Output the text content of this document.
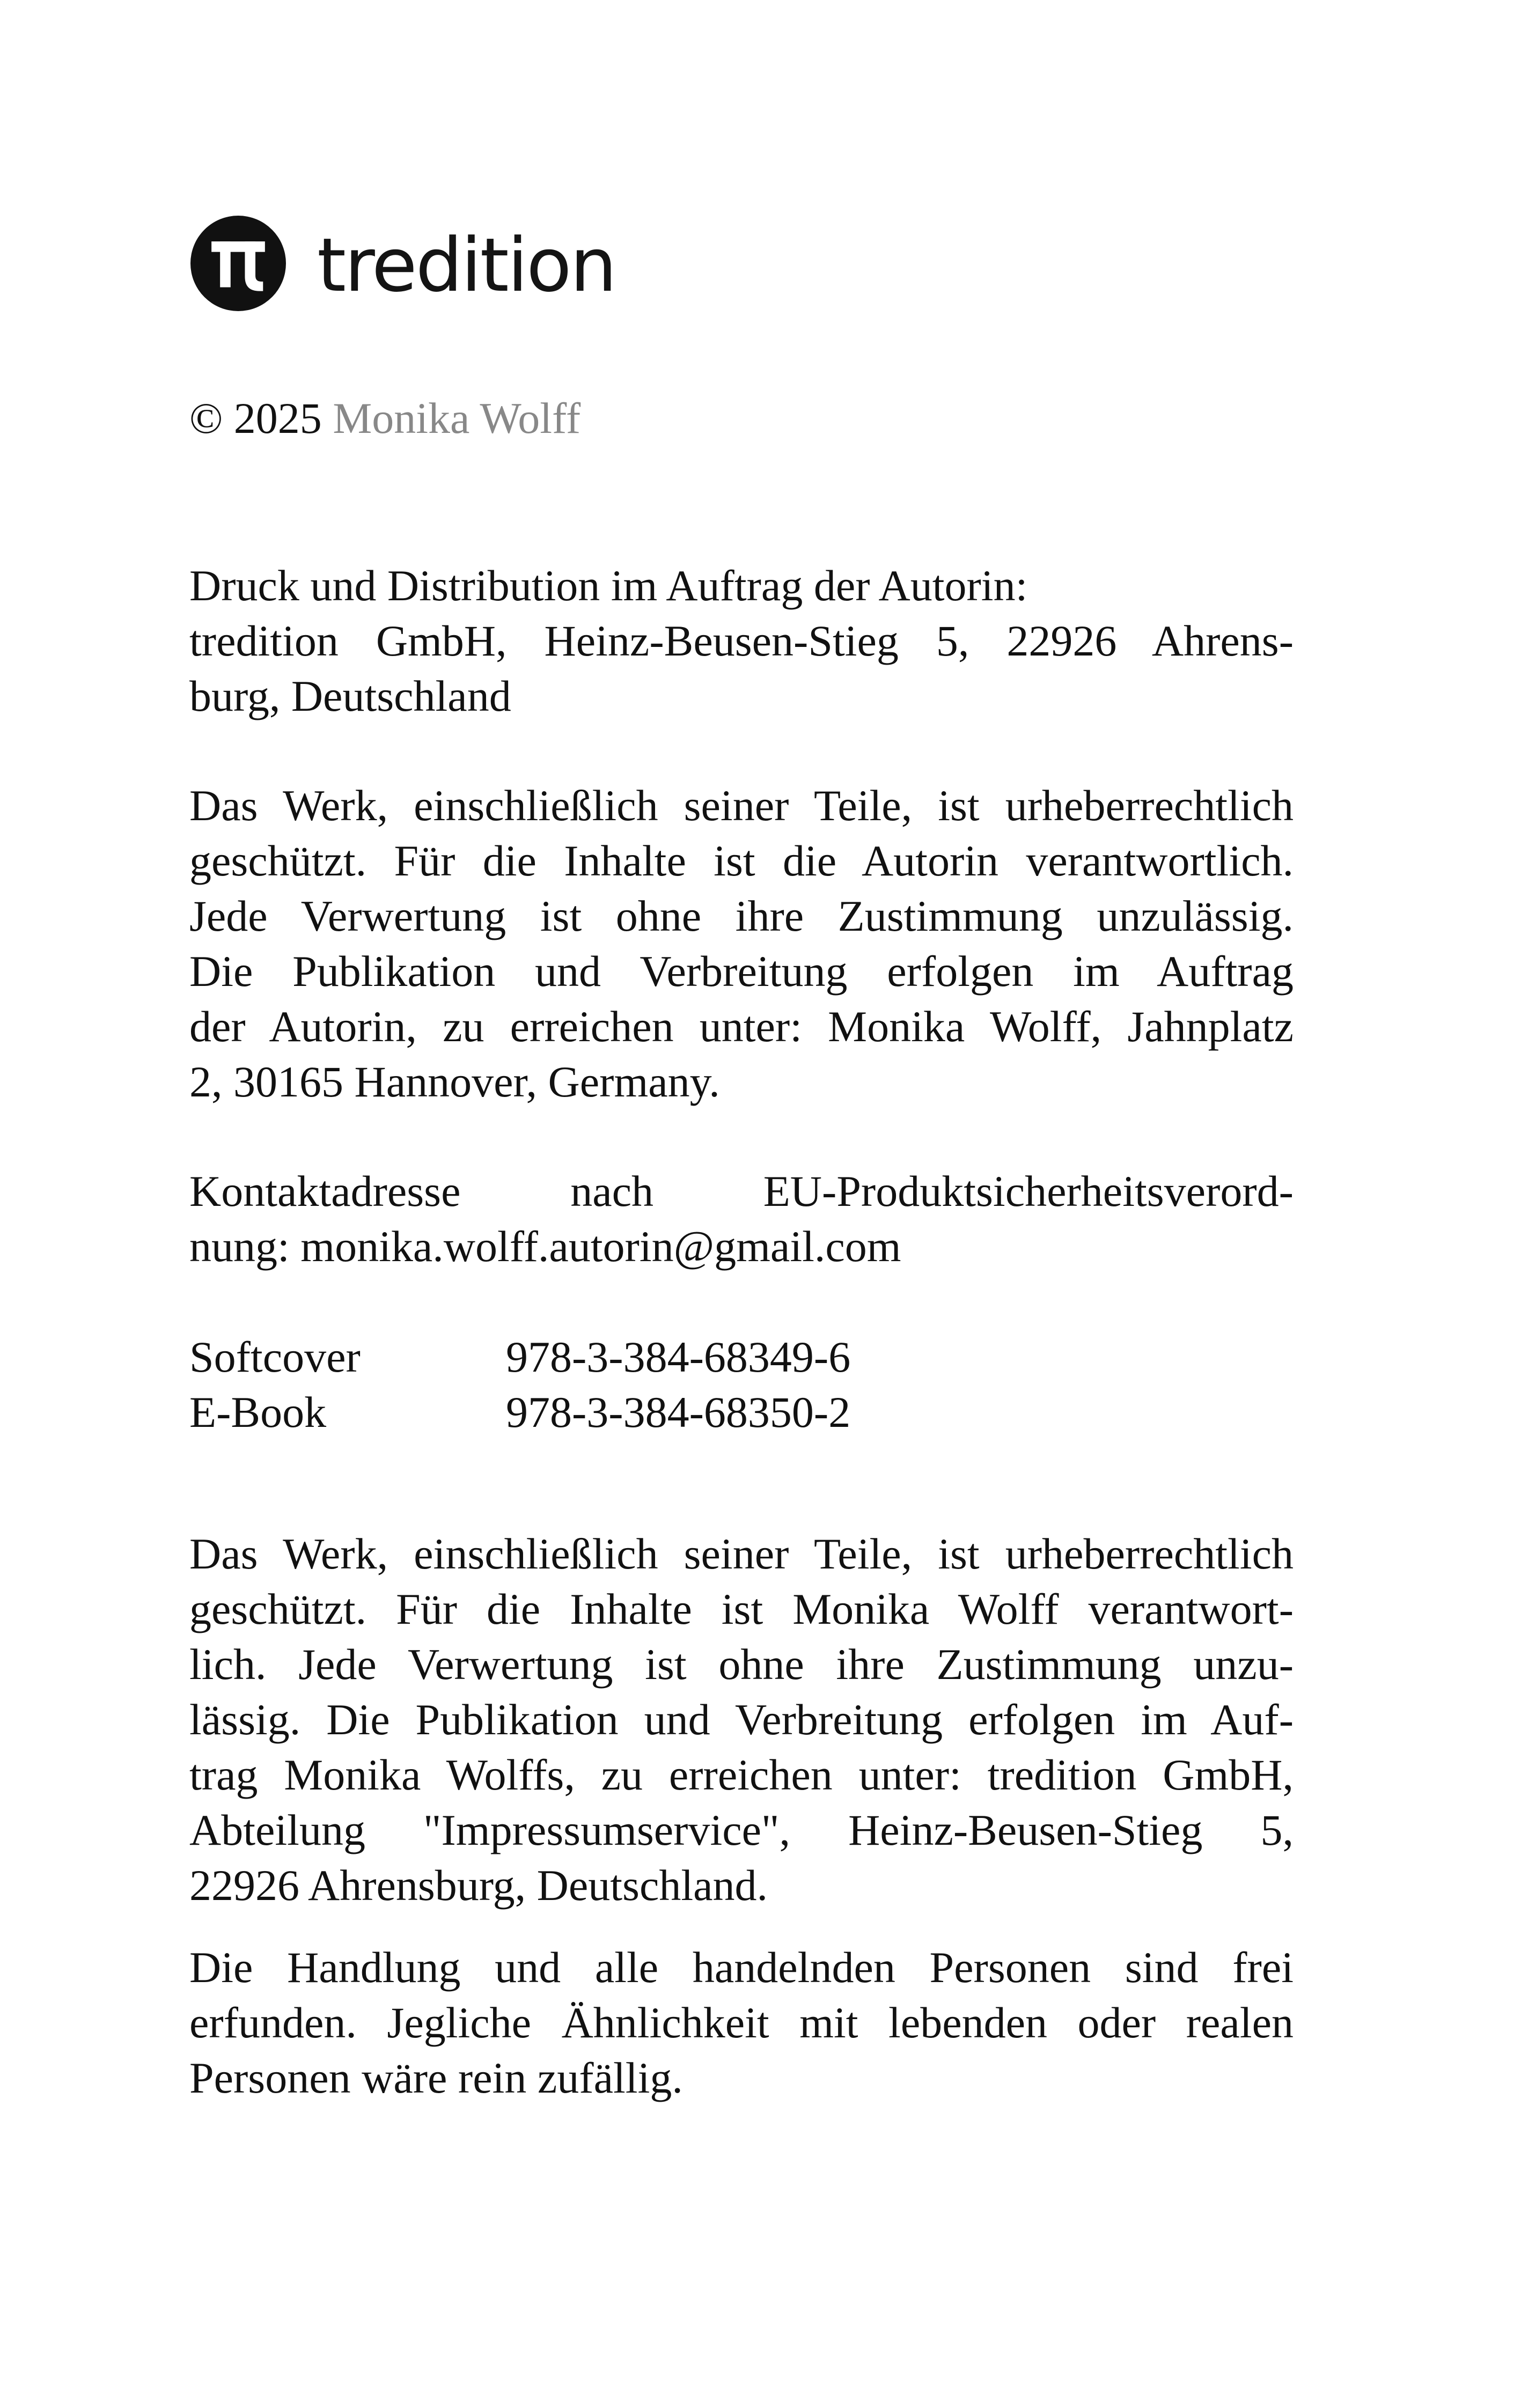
tredition
© 2025 Monika Wolff
Druck und Distribution im Auftrag der Autorin:
tredition GmbH, Heinz-Beusen-Stieg 5, 22926 Ahrens-
burg, Deutschland
Das Werk, einschließlich seiner Teile, ist urheberrechtlich
geschützt. Für die Inhalte ist die Autorin verantwortlich.
Jede Verwertung ist ohne ihre Zustimmung unzulässig.
Die Publikation und Verbreitung erfolgen im Auftrag
der Autorin, zu erreichen unter: Monika Wolff, Jahnplatz
2, 30165 Hannover, Germany.
Kontaktadresse nach EU-Produktsicherheitsverord-
nung: monika.wolff.autorin@gmail.com
Softcover	978-3-384-68349-6
E-Book	978-3-384-68350-2
Das Werk, einschließlich seiner Teile, ist urheberrechtlich
geschützt. Für die Inhalte ist Monika Wolff verantwort-
lich. Jede Verwertung ist ohne ihre Zustimmung unzu-
lässig. Die Publikation und Verbreitung erfolgen im Auf-
trag Monika Wolffs, zu erreichen unter: tredition GmbH,
Abteilung "Impressumservice", Heinz-Beusen-Stieg 5,
22926 Ahrensburg, Deutschland.
Die Handlung und alle handelnden Personen sind frei
erfunden. Jegliche Ähnlichkeit mit lebenden oder realen
Personen wäre rein zufällig.
